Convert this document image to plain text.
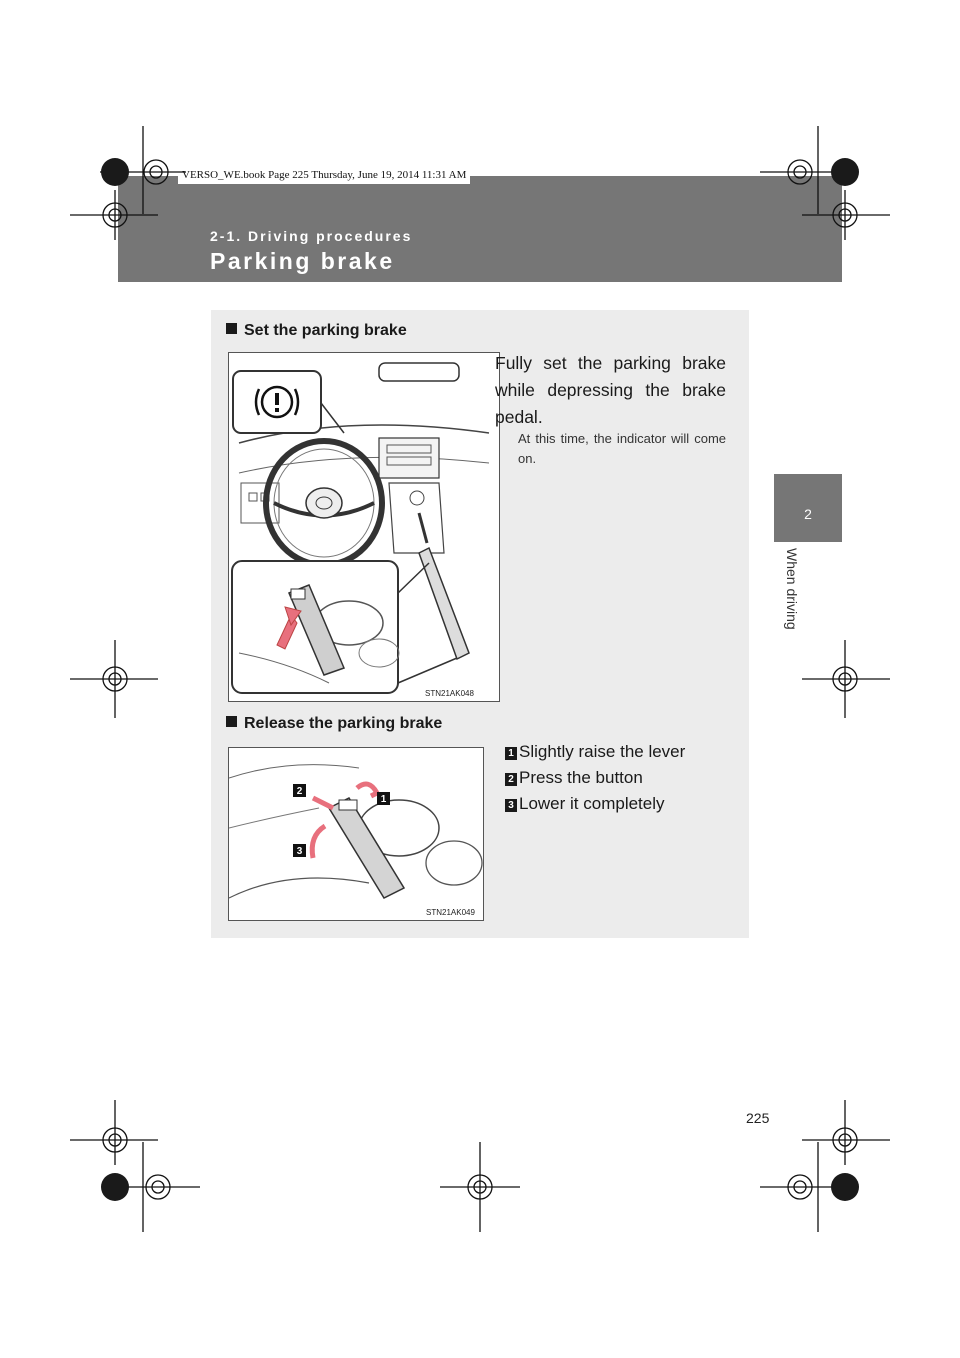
2-1. Driving procedures
Parking brake
VERSO_WE.book Page 225 Thursday, June 19, 2014 11:31 AM
2
When driving
Set the parking brake
STN21AK048
Fully set the parking brake while depressing the brake pedal.
At this time, the indicator will come on.
Release the parking brake
2
1
3
STN21AK049
1 Slightly raise the lever
2 Press the button
3 Lower it completely
225
